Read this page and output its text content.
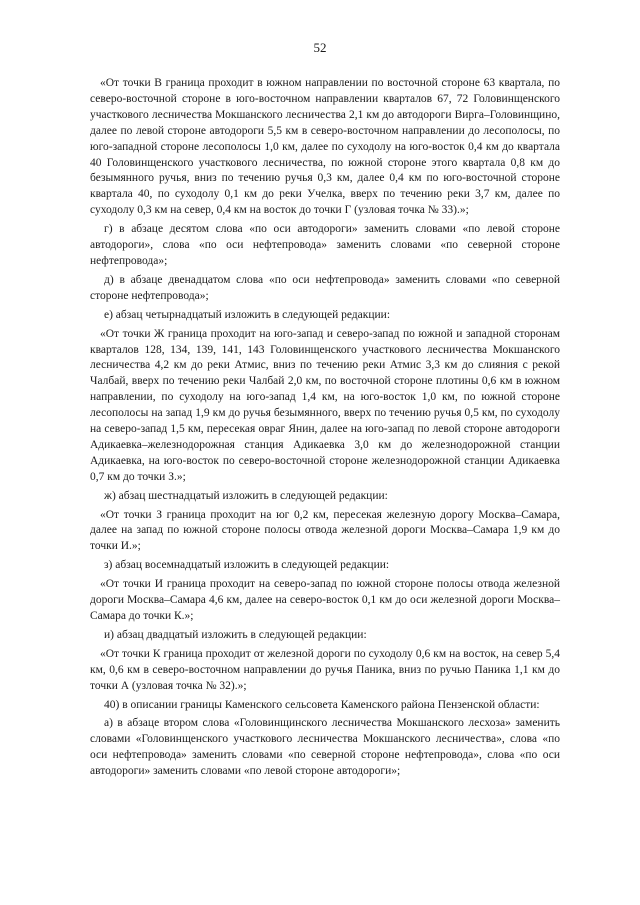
52

«От точки В граница проходит в южном направлении по восточной стороне 63 квартала, по северо-восточной стороне в юго-восточном направлении кварталов 67, 72 Головинщенского участкового лесничества Мокшанского лесничества 2,1 км до автодороги Вирга–Головинщино, далее по левой стороне автодороги 5,5 км в северо-восточном направлении до лесополосы, по юго-западной стороне лесополосы 1,0 км, далее по суходолу на юго-восток 0,4 км до квартала 40 Головинщенского участкового лесничества, по южной стороне этого квартала 0,8 км до безымянного ручья, вниз по течению ручья 0,3 км, далее 0,4 км по юго-восточной стороне квартала 40, по суходолу 0,1 км до реки Учелка, вверх по течению реки 3,7 км, далее по суходолу 0,3 км на север, 0,4 км на восток до точки Г (узловая точка № 33).»;

г) в абзаце десятом слова «по оси автодороги» заменить словами «по левой стороне автодороги», слова «по оси нефтепровода» заменить словами «по северной стороне нефтепровода»;

д) в абзаце двенадцатом слова «по оси нефтепровода» заменить словами «по северной стороне нефтепровода»;

е) абзац четырнадцатый изложить в следующей редакции:

«От точки Ж граница проходит на юго-запад и северо-запад по южной и западной сторонам кварталов 128, 134, 139, 141, 143 Головинщенского участкового лесничества Мокшанского лесничества 4,2 км до реки Атмис, вниз по течению реки Атмис 3,3 км до слияния с рекой Чалбай, вверх по течению реки Чалбай 2,0 км, по восточной стороне плотины 0,6 км в южном направлении, по суходолу на юго-запад 1,4 км, на юго-восток 1,0 км, по южной стороне лесополосы на запад 1,9 км до ручья безымянного, вверх по течению ручья 0,5 км, по суходолу на северо-запад 1,5 км, пересекая овраг Янин, далее на юго-запад по левой стороне автодороги Адикаевка–железнодорожная станция Адикаевка 3,0 км до железнодорожной станции Адикаевка, на юго-восток по северо-восточной стороне железнодорожной станции Адикаевка 0,7 км до точки З.»;

ж) абзац шестнадцатый изложить в следующей редакции:

«От точки З граница проходит на юг 0,2 км, пересекая железную дорогу Москва–Самара, далее на запад по южной стороне полосы отвода железной дороги Москва–Самара 1,9 км до точки И.»;

з) абзац восемнадцатый изложить в следующей редакции:

«От точки И граница проходит на северо-запад по южной стороне полосы отвода железной дороги Москва–Самара 4,6 км, далее на северо-восток 0,1 км до оси железной дороги Москва–Самара до точки К.»;

и) абзац двадцатый изложить в следующей редакции:

«От точки К граница проходит от железной дороги по суходолу 0,6 км на восток, на север 5,4 км, 0,6 км в северо-восточном направлении до ручья Паника, вниз по ручью Паника 1,1 км до точки А (узловая точка № 32).»;

40) в описании границы Каменского сельсовета Каменского района Пензенской области:

а) в абзаце втором слова «Головинщинского лесничества Мокшанского лесхоза» заменить словами «Головинщенского участкового лесничества Мокшанского лесничества», слова «по оси нефтепровода» заменить словами «по северной стороне нефтепровода», слова «по оси автодороги» заменить словами «по левой стороне автодороги»;
